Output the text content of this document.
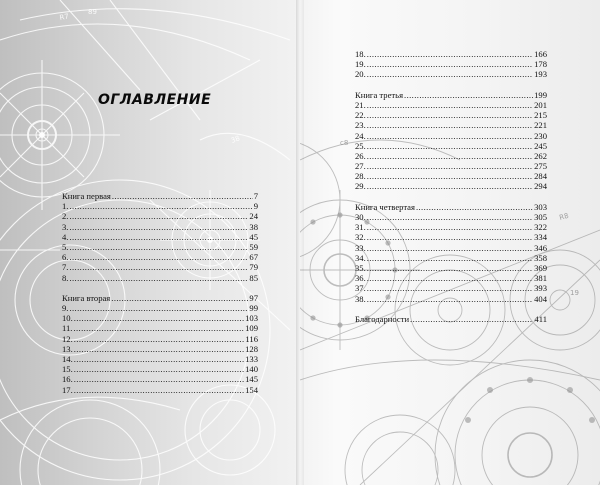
R7
38
89
ОГЛАВЛЕНИЕ
Книга первая .....	7
1. .....	9
2. .....	24
3. .....	38
4. .....	45
5. .....	59
6. .....	67
7. .....	79
8. .....	85
Книга вторая .....	97
9. .....	99
10. .....	103
11. .....	109
12. .....	116
13. .....	128
14. .....	133
15. .....	140
16. .....	145
17. .....	154
R8
c8
19
18. .....	166
19. .....	178
20. .....	193
Книга третья .....	199
21. .....	201
22. .....	215
23. .....	221
24. .....	230
25. .....	245
26. .....	262
27. .....	275
28. .....	284
29. .....	294
Книга четвертая .....	303
30. .....	305
31. .....	322
32. .....	334
33. .....	346
34. .....	358
35. .....	369
36. .....	381
37. .....	393
38. .....	404
Благодарности .....	411
